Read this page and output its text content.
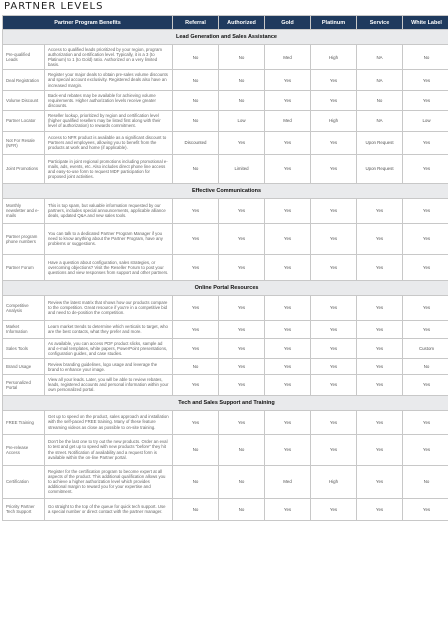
PARTNER LEVELS
Partner Program Benefits		Referral	Authorized	Gold	Platinum	Service	White Label
Lead Generation and Sales Assistance							
Pre-qualified Leads	Access to qualified leads prioritized by your region, program authorization and certification level. Typically, it is a 3 (to Platinum) to 1 (to Gold) ratio. Authorized on a very limited basis.	No	No	Med	High	NA	No
Deal Registration	Register your major deals to obtain pre-sales volume discounts and special account exclusivity. Registered deals also have an increased margin.	No	No	Yes	Yes	NA	Yes
Volume Discount	Back-end rebates may be available for achieving volume requirements. Higher authorization levels receive greater discounts.	No	No	Yes	Yes	No	Yes
Partner Locator	Reseller lookup, prioritized by region and certification level (higher qualified resellers may be listed first along with their level of authorization) to rewards commitment.	No	Low	Med	High	NA	Low
Not For Resale (NFR)	Access to NFR product is available as a significant discount to Partners and employees, allowing you to benefit from the products at work and home (if applicable).	Discounted	Yes	Yes	Yes	Upon Request	Yes
Joint Promotions	Participate in joint regional promotions including promotional e-mails, ads, events, etc. Also includes direct phone line access and easy-to-use form to request MDF participation for proposed joint activities.	No	Limited	Yes	Yes	Upon Request	Yes
Effective Communications							
Monthly newsletter and e-mails	This is top spam, but valuable information requested by our partners, includes special announcements, applicable alliance deals, updated Q&A and new sales tools.	Yes	Yes	Yes	Yes	Yes	Yes
Partner program phone numbers	You can talk to a dedicated Partner Program Manager if you need to know anything about the Partner Program, have any problems or suggestions.	Yes	Yes	Yes	Yes	Yes	Yes
Partner Forum	Have a question about configuration, sales strategies, or overcoming objections? Visit the Reseller Forum to post your questions and view responses from support and other partners.	Yes	Yes	Yes	Yes	Yes	Yes
Online Portal Resources							
Competitive Analysis	Review the latest matrix that shows how our products compare to the competition. Great resource if you're in a competitive bid and need to de-position the competition.	Yes	Yes	Yes	Yes	Yes	Yes
Market Information	Learn market trends to determine which verticals to target, who are the best contacts, what they prefer and more.	Yes	Yes	Yes	Yes	Yes	Yes
Sales Tools	As available, you can access PDF product slicks, sample ad and e-mail templates, white papers, PowerPoint presentations, configuration guides, and case studies.	Yes	Yes	Yes	Yes	Yes	Custom
Brand Usage	Review branding guidelines, logo usage and leverage the brand to enhance your image.	No	Yes	Yes	Yes	Yes	No
Personalized Portal	View all your leads. Later, you will be able to review rebates, leads, registered accounts and personal information within your own personalized portal.	Yes	Yes	Yes	Yes	Yes	Yes
Tech and Sales Support and Training							
FREE Training	Get up to speed on the product, sales approach and installation with the self-paced FREE training. Many of these feature streaming videos as close as possible to on-site training.	Yes	Yes	Yes	Yes	Yes	Yes
Pre-release Access	Don't be the last one to try out the new products. Order an eval to test and get up to speed with new products "before" they hit the street. Notification of availability and a request form is available within the on-line Partner portal.	No	No	Yes	Yes	Yes	Yes
Certification	Register for the certification program to become expert at all aspects of the product. This additional qualification allows you to achieve a higher authorization level which provides additional margin to reward you for your expertise and commitment.	No	No	Med	High	Yes	No
Priority Partner Tech Support	Go straight to the top of the queue for quick tech support. Use a special number or direct contact with the partner manager.	No	No	Yes	Yes	Yes	Yes
